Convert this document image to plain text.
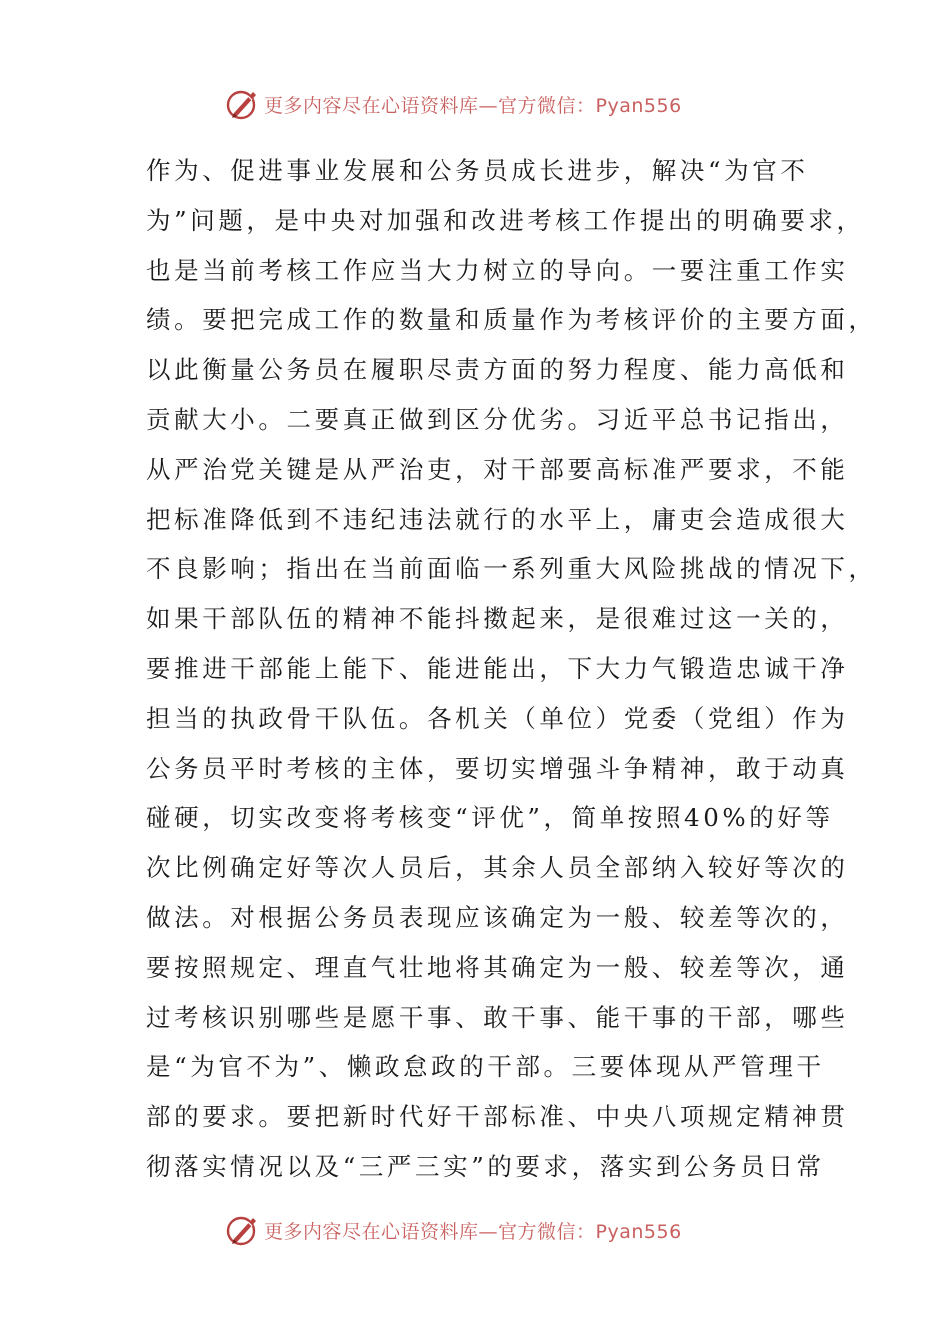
更多内容尽在心语资料库—官方微信：Pyan556
作为、促进事业发展和公务员成长进步，解决“为官不
为”问题，是中央对加强和改进考核工作提出的明确要求，
也是当前考核工作应当大力树立的导向。一要注重工作实
绩。要把完成工作的数量和质量作为考核评价的主要方面，
以此衡量公务员在履职尽责方面的努力程度、能力高低和
贡献大小。二要真正做到区分优劣。习近平总书记指出，
从严治党关键是从严治吏，对干部要高标准严要求，不能
把标准降低到不违纪违法就行的水平上，庸吏会造成很大
不良影响；指出在当前面临一系列重大风险挑战的情况下，
如果干部队伍的精神不能抖擞起来，是很难过这一关的，
要推进干部能上能下、能进能出，下大力气锻造忠诚干净
担当的执政骨干队伍。各机关（单位）党委（党组）作为
公务员平时考核的主体，要切实增强斗争精神，敢于动真
碰硬，切实改变将考核变“评优”，简单按照40%的好等
次比例确定好等次人员后，其余人员全部纳入较好等次的
做法。对根据公务员表现应该确定为一般、较差等次的，
要按照规定、理直气壮地将其确定为一般、较差等次，通
过考核识别哪些是愿干事、敢干事、能干事的干部，哪些
是“为官不为”、懒政怠政的干部。三要体现从严管理干
部的要求。要把新时代好干部标准、中央八项规定精神贯
彻落实情况以及“三严三实”的要求，落实到公务员日常
更多内容尽在心语资料库—官方微信：Pyan556
